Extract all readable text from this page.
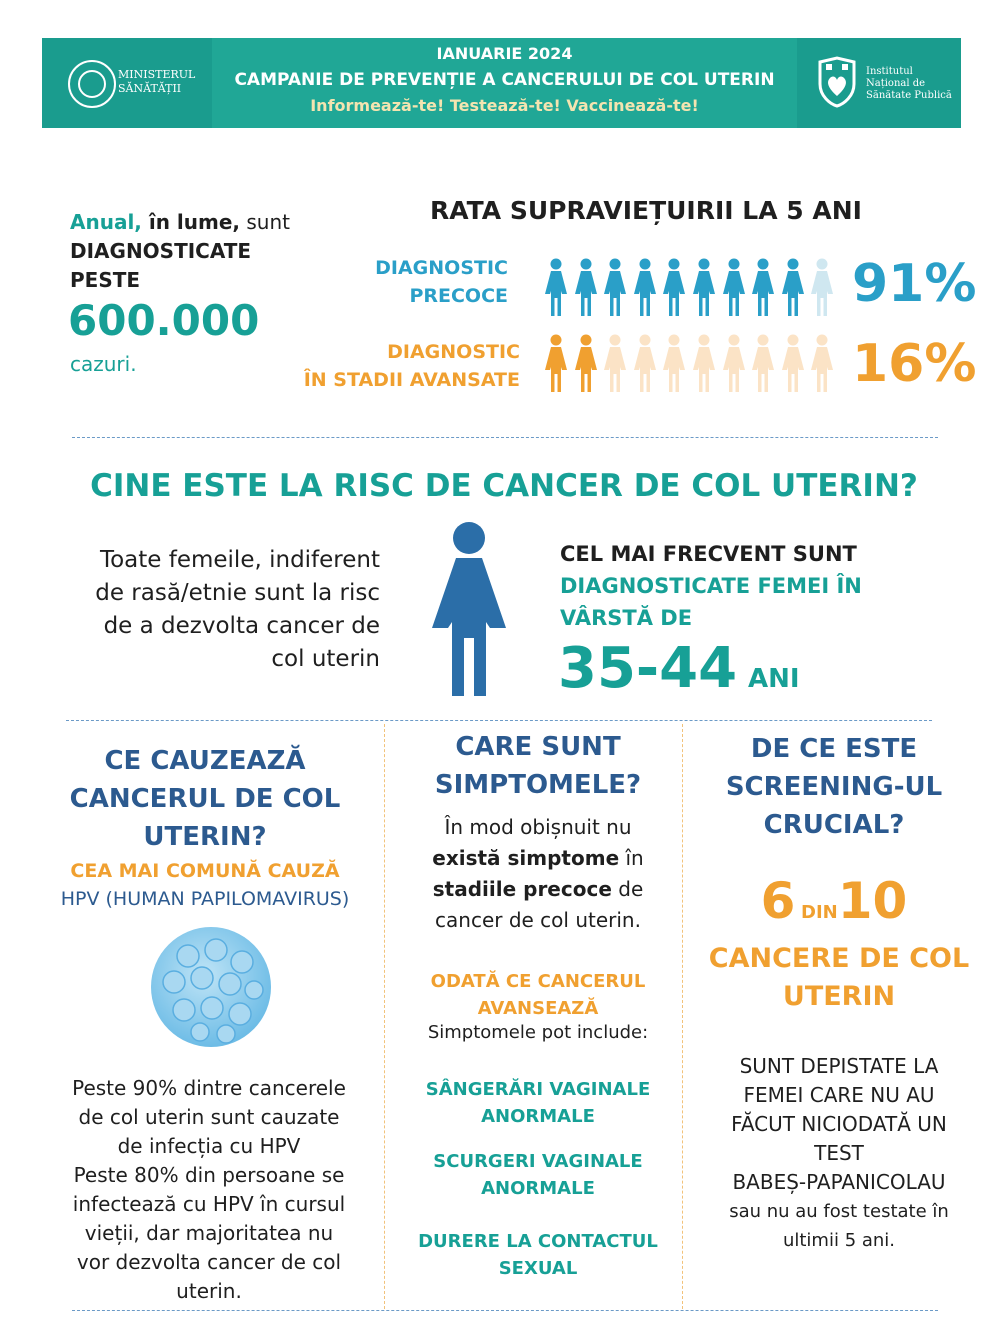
MINISTERUL
SĂNĂTĂȚII
IANUARIE 2024
CAMPANIE DE PREVENȚIE A CANCERULUI DE COL UTERIN
Informează-te! Testează-te! Vaccinează-te!
Institutul
Național de
Sănătate Publică
Anual, în lume, sunt
DIAGNOSTICATE
PESTE
600.000
cazuri.
RATA SUPRAVIEȚUIRII LA 5 ANI
DIAGNOSTIC
PRECOCE	91%
DIAGNOSTIC
ÎN STADII AVANSATE	16%
CINE ESTE LA RISC DE CANCER DE COL UTERIN?
Toate femeile, indiferent
de rasă/etnie sunt la risc
de a dezvolta cancer de
col uterin
CEL MAI FRECVENT SUNT
DIAGNOSTICATE FEMEI ÎN
VÂRSTĂ DE
35-44 ANI
CE CAUZEAZĂ
CANCERUL DE COL
UTERIN?
CEA MAI COMUNĂ CAUZĂ
HPV (HUMAN PAPILOMAVIRUS)
Peste 90% dintre cancerele
de col uterin sunt cauzate
de infecția cu HPV
Peste 80% din persoane se
infectează cu HPV în cursul
vieții, dar majoritatea nu
vor dezvolta cancer de col
uterin.
CARE SUNT
SIMPTOMELE?
În mod obișnuit nu
există simptome în
stadiile precoce de
cancer de col uterin.
ODATĂ CE CANCERUL
AVANSEAZĂ
Simptomele pot include:
SÂNGERĂRI VAGINALE
ANORMALE
SCURGERI VAGINALE
ANORMALE
DURERE LA CONTACTUL
SEXUAL
DE CE ESTE
SCREENING-UL
CRUCIAL?
6 DIN10
CANCERE DE COL
UTERIN
SUNT DEPISTATE LA
FEMEI CARE NU AU
FĂCUT NICIODATĂ UN
TEST
BABEȘ-PAPANICOLAU
sau nu au fost testate în
ultimii 5 ani.
